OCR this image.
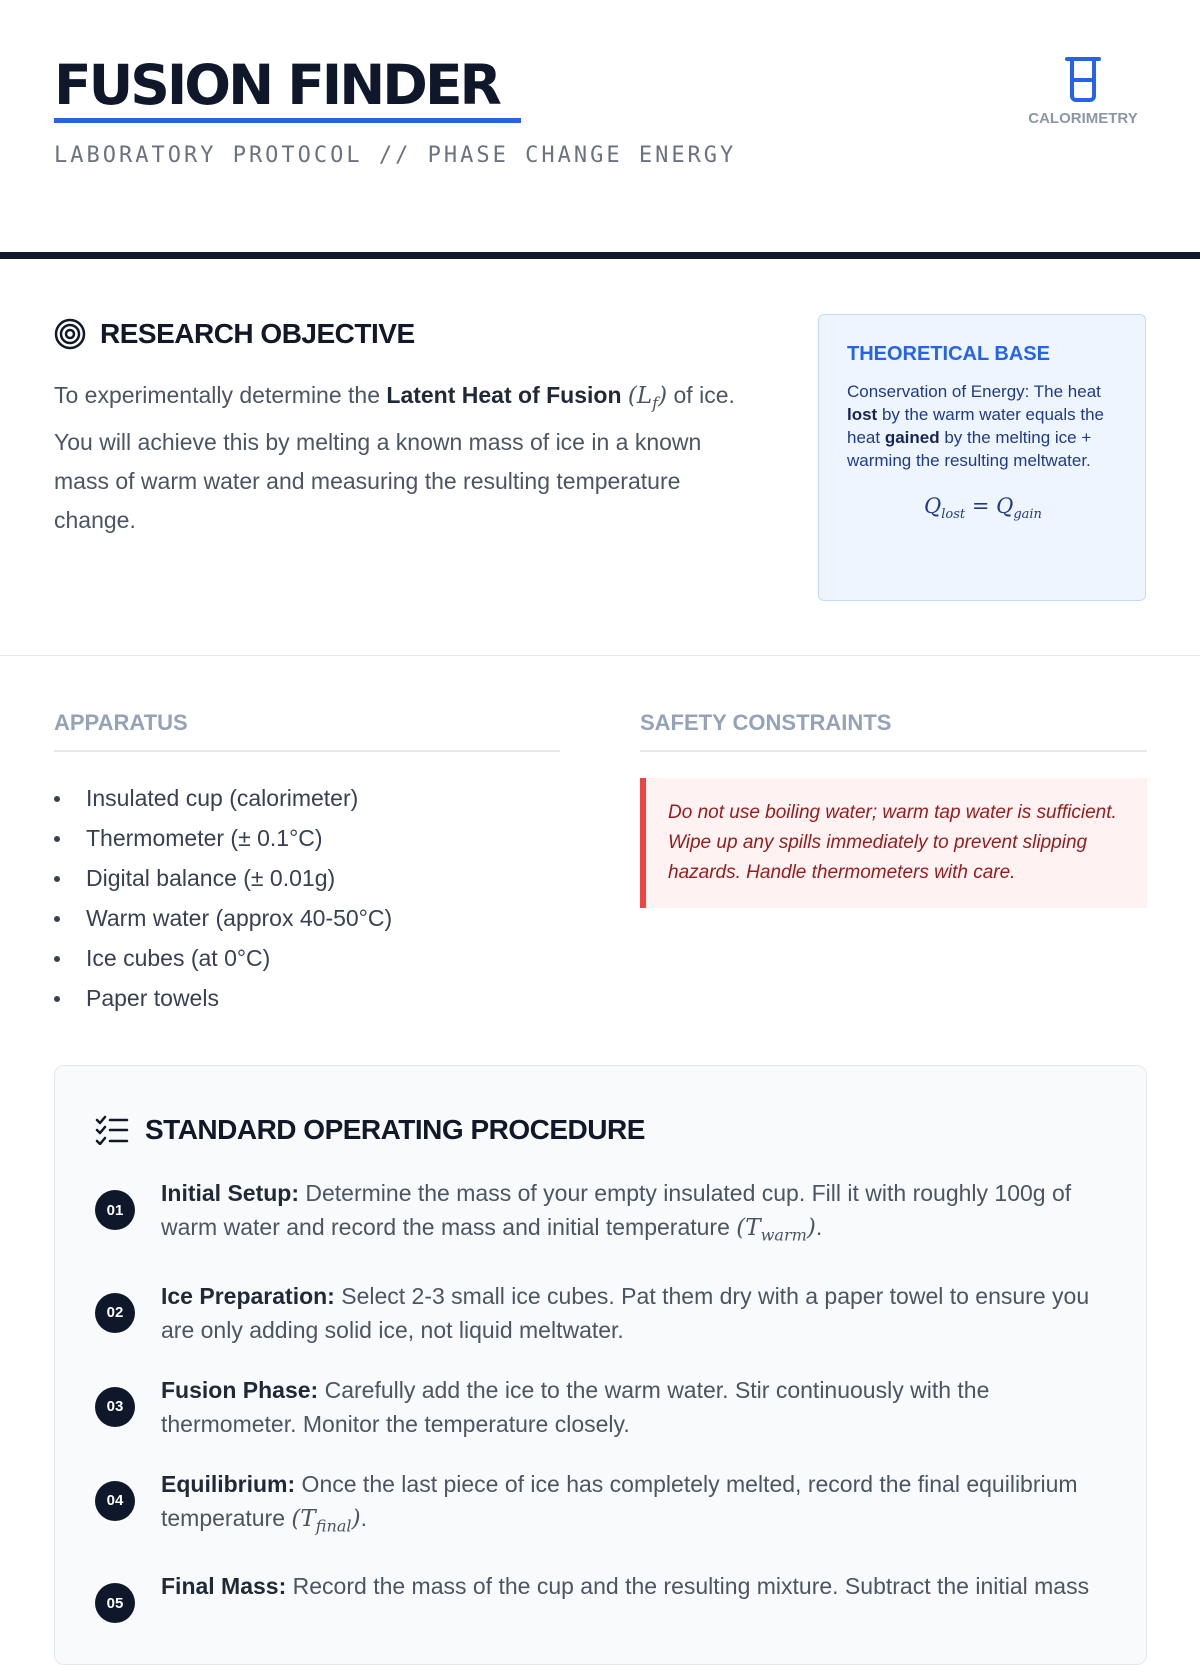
FUSION FINDER

LABORATORY PROTOCOL // PHASE CHANGE ENERGY

CALORIMETRY
RESEARCH OBJECTIVE
To experimentally determine the Latent Heat of Fusion $(L_f)$ of ice. You will achieve this by melting a known mass of ice in a known mass of warm water and measuring the resulting temperature change.

THEORETICAL BASE

Conservation of Energy: The heat lost by the warm water equals the heat gained by the melting ice + warming the resulting meltwater.
$Q_{lost} = Q_{gain}$
APPARATUS
Insulated cup (calorimeter)
Thermometer (± 0.1°C)
Digital balance (± 0.01g)
Warm water (approx 40-50°C)
Ice cubes (at 0°C)
Paper towels
SAFETY CONSTRAINTS
Do not use boiling water; warm tap water is sufficient. Wipe up any spills immediately to prevent slipping hazards. Handle thermometers with care.
STANDARD OPERATING PROCEDURE
01
Initial Setup: Determine the mass of your empty insulated cup. Fill it with roughly 100g of warm water and record the mass and initial temperature $(T_{warm})$.
02
Ice Preparation: Select 2-3 small ice cubes. Pat them dry with a paper towel to ensure you are only adding solid ice, not liquid meltwater.
03
Fusion Phase: Carefully add the ice to the warm water. Stir continuously with the thermometer. Monitor the temperature closely.
04
Equilibrium: Once the last piece of ice has completely melted, record the final equilibrium temperature $(T_{final})$.
05
Final Mass: Record the mass of the cup and the resulting mixture. Subtract the initial mass
